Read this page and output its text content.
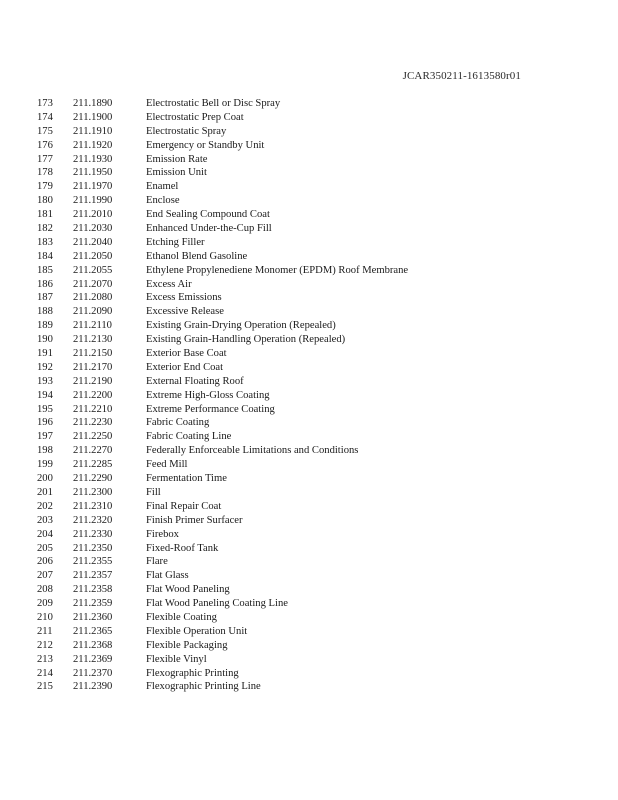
JCAR350211-1613580r01
173	211.1890	Electrostatic Bell or Disc Spray
174	211.1900	Electrostatic Prep Coat
175	211.1910	Electrostatic Spray
176	211.1920	Emergency or Standby Unit
177	211.1930	Emission Rate
178	211.1950	Emission Unit
179	211.1970	Enamel
180	211.1990	Enclose
181	211.2010	End Sealing Compound Coat
182	211.2030	Enhanced Under-the-Cup Fill
183	211.2040	Etching Filler
184	211.2050	Ethanol Blend Gasoline
185	211.2055	Ethylene Propylenediene Monomer (EPDM) Roof Membrane
186	211.2070	Excess Air
187	211.2080	Excess Emissions
188	211.2090	Excessive Release
189	211.2110	Existing Grain-Drying Operation (Repealed)
190	211.2130	Existing Grain-Handling Operation (Repealed)
191	211.2150	Exterior Base Coat
192	211.2170	Exterior End Coat
193	211.2190	External Floating Roof
194	211.2200	Extreme High-Gloss Coating
195	211.2210	Extreme Performance Coating
196	211.2230	Fabric Coating
197	211.2250	Fabric Coating Line
198	211.2270	Federally Enforceable Limitations and Conditions
199	211.2285	Feed Mill
200	211.2290	Fermentation Time
201	211.2300	Fill
202	211.2310	Final Repair Coat
203	211.2320	Finish Primer Surfacer
204	211.2330	Firebox
205	211.2350	Fixed-Roof Tank
206	211.2355	Flare
207	211.2357	Flat Glass
208	211.2358	Flat Wood Paneling
209	211.2359	Flat Wood Paneling Coating Line
210	211.2360	Flexible Coating
211	211.2365	Flexible Operation Unit
212	211.2368	Flexible Packaging
213	211.2369	Flexible Vinyl
214	211.2370	Flexographic Printing
215	211.2390	Flexographic Printing Line
